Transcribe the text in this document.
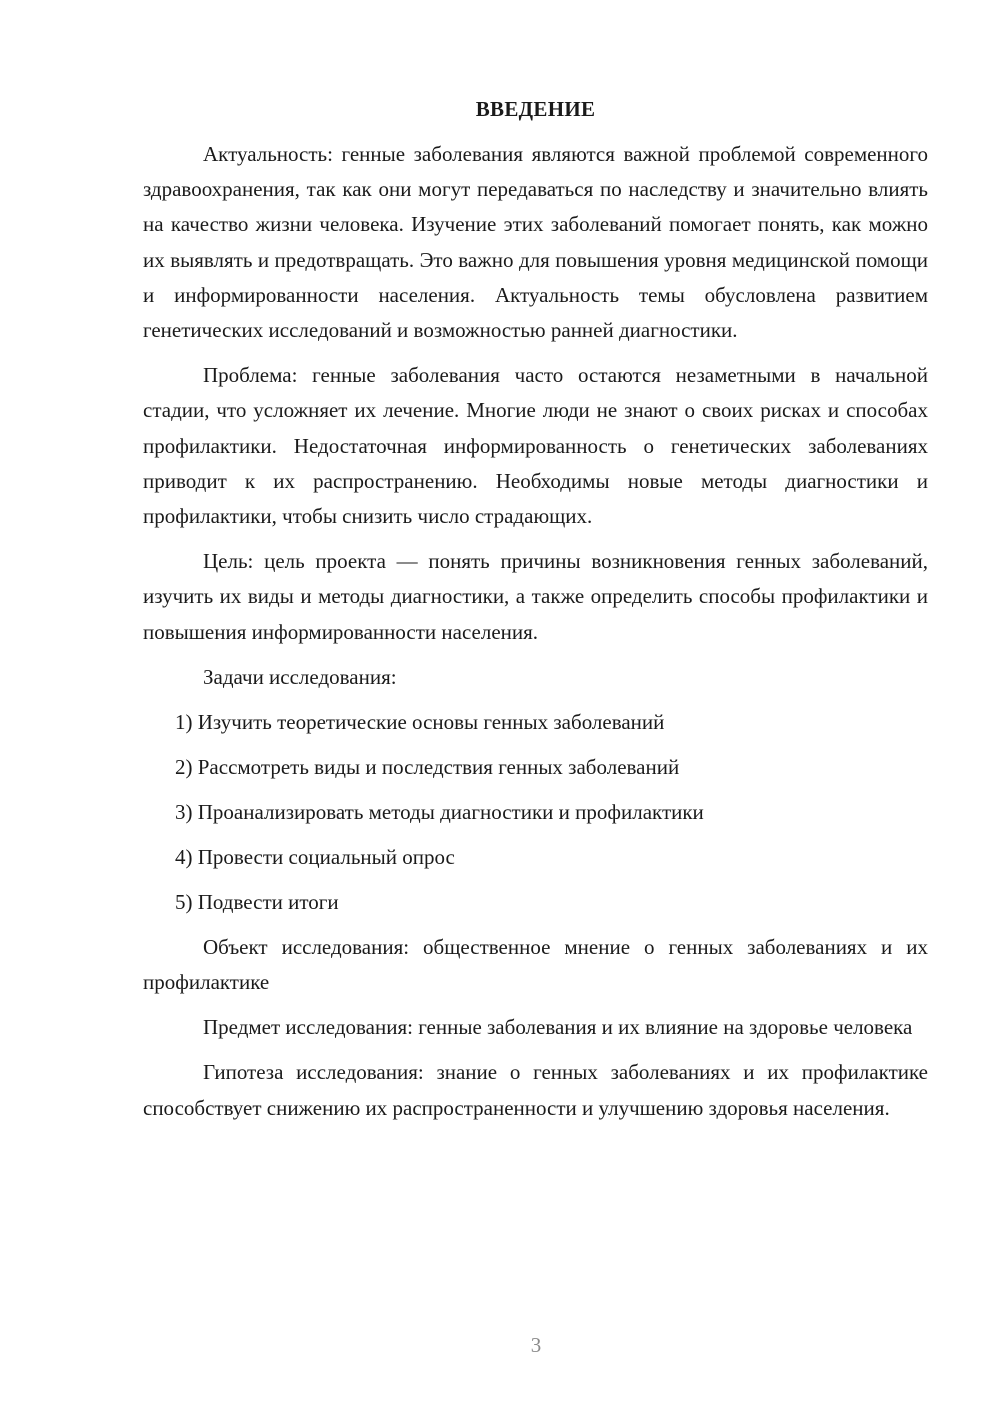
ВВЕДЕНИЕ

Актуальность: генные заболевания являются важной проблемой современного здравоохранения, так как они могут передаваться по наследству и значительно влиять на качество жизни человека. Изучение этих заболеваний помогает понять, как можно их выявлять и предотвращать. Это важно для повышения уровня медицинской помощи и информированности населения. Актуальность темы обусловлена развитием генетических исследований и возможностью ранней диагностики.

Проблема: генные заболевания часто остаются незаметными в начальной стадии, что усложняет их лечение. Многие люди не знают о своих рисках и способах профилактики. Недостаточная информированность о генетических заболеваниях приводит к их распространению. Необходимы новые методы диагностики и профилактики, чтобы снизить число страдающих.

Цель: цель проекта — понять причины возникновения генных заболеваний, изучить их виды и методы диагностики, а также определить способы профилактики и повышения информированности населения.

Задачи исследования:
1) Изучить теоретические основы генных заболеваний
2) Рассмотреть виды и последствия генных заболеваний
3) Проанализировать методы диагностики и профилактики
4) Провести социальный опрос
5) Подвести итоги

Объект исследования: общественное мнение о генных заболеваниях и их профилактике

Предмет исследования: генные заболевания и их влияние на здоровье человека

Гипотеза исследования: знание о генных заболеваниях и их профилактике способствует снижению их распространенности и улучшению здоровья населения.

3
